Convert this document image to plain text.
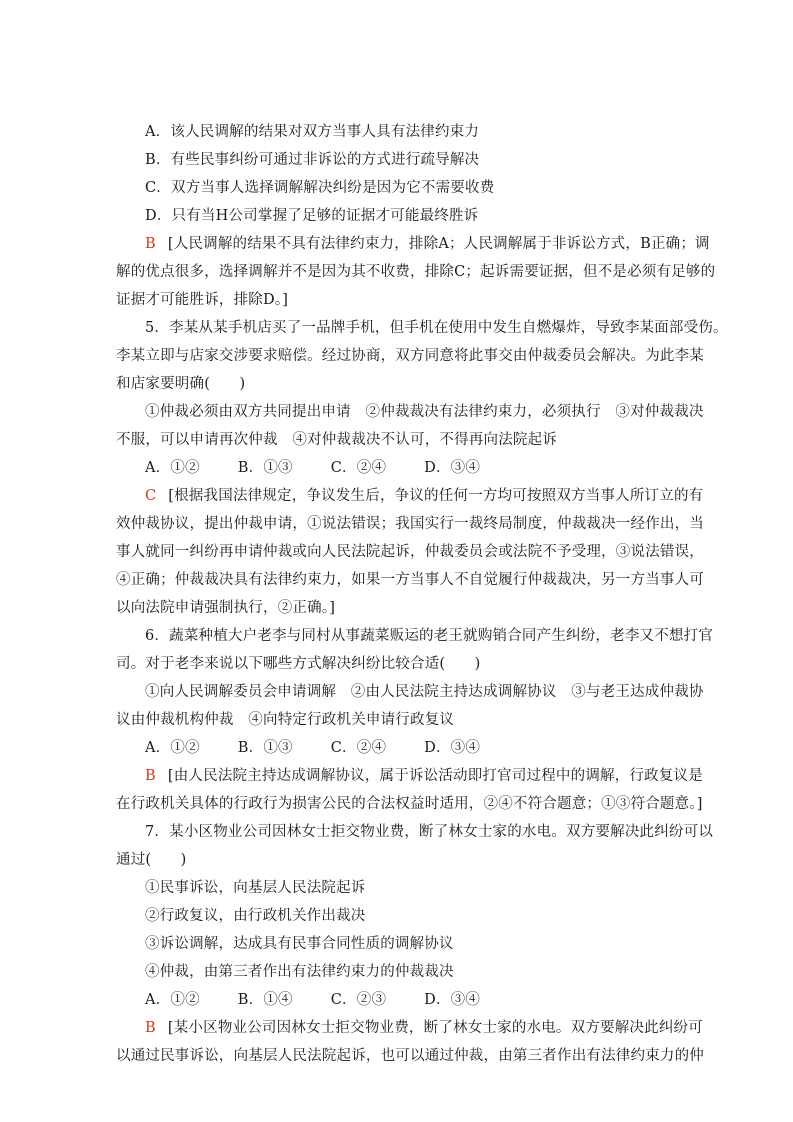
A．该人民调解的结果对双方当事人具有法律约束力
B．有些民事纠纷可通过非诉讼的方式进行疏导解决
C．双方当事人选择调解解决纠纷是因为它不需要收费
D．只有当H公司掌握了足够的证据才可能最终胜诉
B [人民调解的结果不具有法律约束力，排除A；人民调解属于非诉讼方式，B正确；调
解的优点很多，选择调解并不是因为其不收费，排除C；起诉需要证据，但不是必须有足够的
证据才可能胜诉，排除D。]
5．李某从某手机店买了一品牌手机，但手机在使用中发生自燃爆炸，导致李某面部受伤。
李某立即与店家交涉要求赔偿。经过协商，双方同意将此事交由仲裁委员会解决。为此李某
和店家要明确(　　)
①仲裁必须由双方共同提出申请　②仲裁裁决有法律约束力，必须执行　③对仲裁裁决
不服，可以申请再次仲裁　④对仲裁裁决不认可，不得再向法院起诉
A．①②	B．①③	C．②④	D．③④
C [根据我国法律规定，争议发生后，争议的任何一方均可按照双方当事人所订立的有
效仲裁协议，提出仲裁申请，①说法错误；我国实行一裁终局制度，仲裁裁决一经作出，当
事人就同一纠纷再申请仲裁或向人民法院起诉，仲裁委员会或法院不予受理，③说法错误，
④正确；仲裁裁决具有法律约束力，如果一方当事人不自觉履行仲裁裁决，另一方当事人可
以向法院申请强制执行，②正确。]
6．蔬菜种植大户老李与同村从事蔬菜贩运的老王就购销合同产生纠纷，老李又不想打官
司。对于老李来说以下哪些方式解决纠纷比较合适(　　)
①向人民调解委员会申请调解　②由人民法院主持达成调解协议　③与老王达成仲裁协
议由仲裁机构仲裁　④向特定行政机关申请行政复议
A．①②	B．①③	C．②④	D．③④
B [由人民法院主持达成调解协议，属于诉讼活动即打官司过程中的调解，行政复议是
在行政机关具体的行政行为损害公民的合法权益时适用，②④不符合题意；①③符合题意。]
7．某小区物业公司因林女士拒交物业费，断了林女士家的水电。双方要解决此纠纷可以
通过(　　)
①民事诉讼，向基层人民法院起诉
②行政复议，由行政机关作出裁决
③诉讼调解，达成具有民事合同性质的调解协议
④仲裁，由第三者作出有法律约束力的仲裁裁决
A．①②	B．①④	C．②③	D．③④
B [某小区物业公司因林女士拒交物业费，断了林女士家的水电。双方要解决此纠纷可
以通过民事诉讼，向基层人民法院起诉，也可以通过仲裁，由第三者作出有法律约束力的仲
